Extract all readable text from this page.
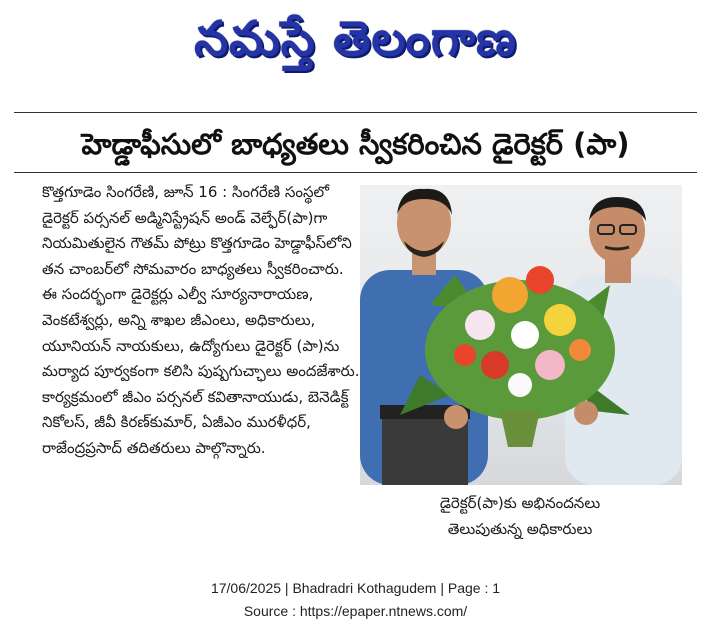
నమస్తే తెలంగాణ
హెడ్డాఫీసులో బాధ్యతలు స్వీకరించిన డైరెక్టర్ (పా)
కొత్తగూడెం సింగరేణి, జూన్ 16 : సింగరేణి సంస్థలో డైరెక్టర్ పర్సనల్ అడ్మినిస్ట్రేషన్ అండ్ వెల్ఫేర్(పా)గా నియమితులైన గౌతమ్ పోట్రు కొత్తగూడెం హెడ్డాఫీస్‌లోని తన చాంబర్‌లో సోమవారం బాధ్యతలు స్వీకరించారు. ఈ సందర్భంగా డైరెక్టర్లు ఎల్వీ సూర్యనారాయణ, వెంకటేశ్వర్లు, అన్ని శాఖల జీఎంలు, అధికారులు, యూనియన్ నాయకులు, ఉద్యోగులు డైరెక్టర్ (పా)ను మర్యాద పూర్వకంగా కలిసి పుష్పగుచ్ఛాలు అందజేశారు. కార్యక్రమంలో జీఎం పర్సనల్ కవితానాయుడు, బెనెడిక్ట్ నికోలస్, జీవీ కిరణ్‌కుమార్, ఏజీఎం మురళీధర్, రాజేంద్రప్రసాద్ తదితరులు పాల్గొన్నారు.
డైరెక్టర్(పా)కు అభినందనలు
తెలుపుతున్న అధికారులు
17/06/2025 | Bhadradri Kothagudem | Page : 1
Source : https://epaper.ntnews.com/
